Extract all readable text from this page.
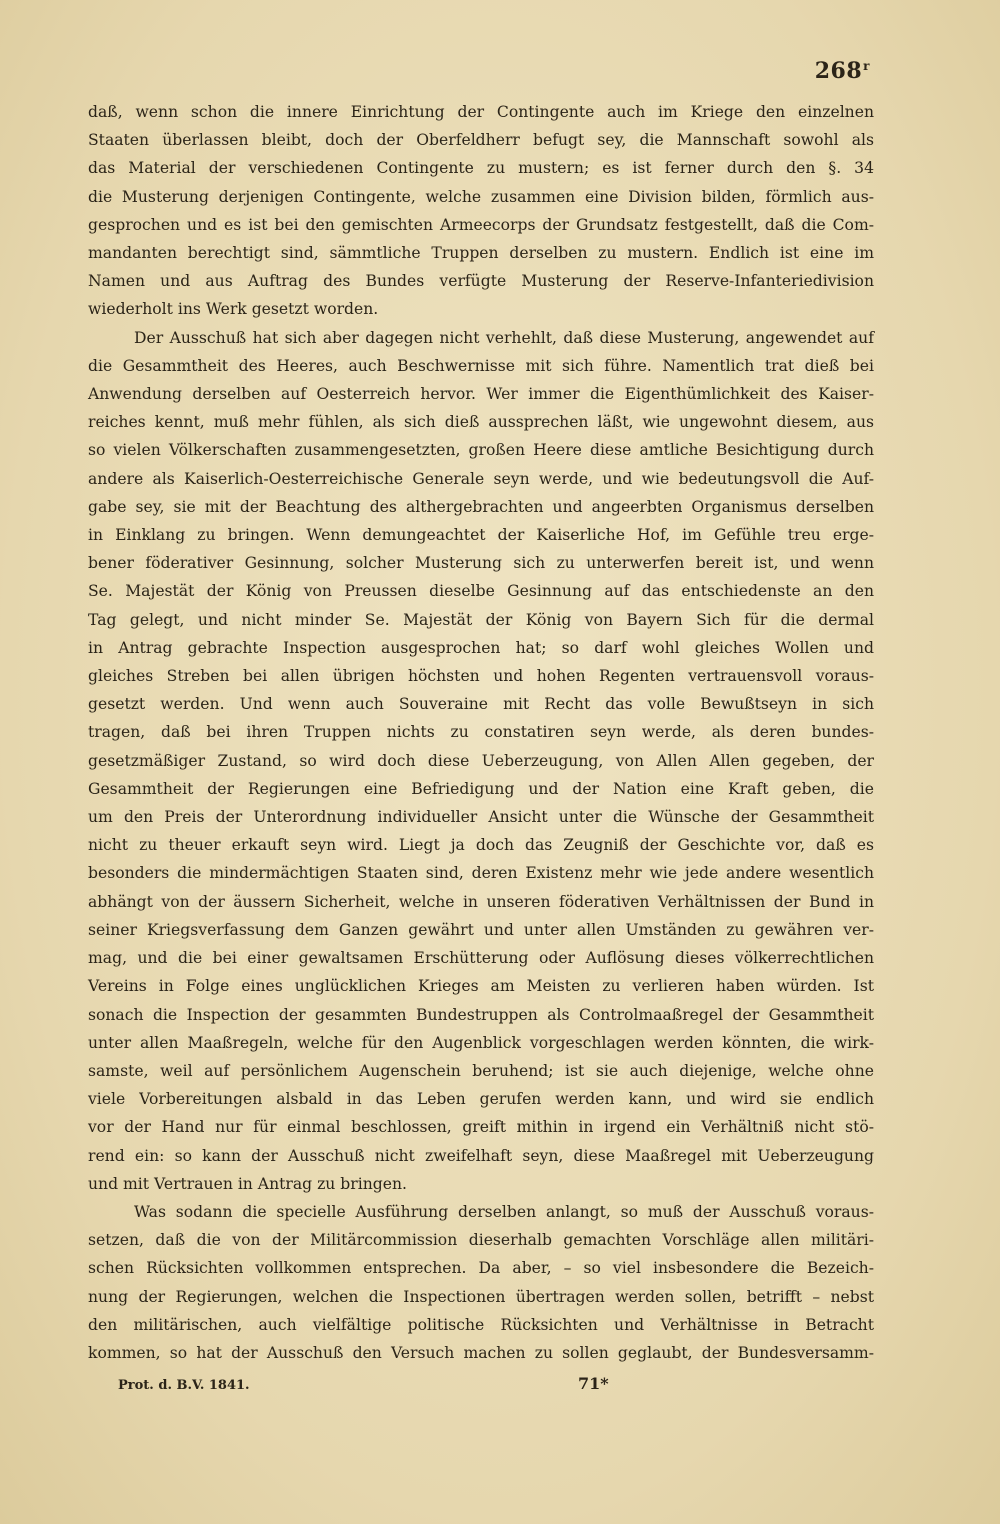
268$^r$

daß, wenn schon die innere Einrichtung der Contingente auch im Kriege den einzelnen

Staaten überlassen bleibt, doch der Oberfeldherr befugt sey, die Mannschaft sowohl als

das Material der verschiedenen Contingente zu mustern; es ist ferner durch den §. 34

die Musterung derjenigen Contingente, welche zusammen eine Division bilden, förmlich aus-

gesprochen und es ist bei den gemischten Armeecorps der Grundsatz festgestellt, daß die Com-

mandanten berechtigt sind, sämmtliche Truppen derselben zu mustern. Endlich ist eine im

Namen und aus Auftrag des Bundes verfügte Musterung der Reserve-Infanteriedivision

wiederholt ins Werk gesetzt worden.

Der Ausschuß hat sich aber dagegen nicht verhehlt, daß diese Musterung, angewendet auf

die Gesammtheit des Heeres, auch Beschwernisse mit sich führe. Namentlich trat dieß bei

Anwendung derselben auf Oesterreich hervor. Wer immer die Eigenthümlichkeit des Kaiser-

reiches kennt, muß mehr fühlen, als sich dieß aussprechen läßt, wie ungewohnt diesem, aus

so vielen Völkerschaften zusammengesetzten, großen Heere diese amtliche Besichtigung durch

andere als Kaiserlich-Oesterreichische Generale seyn werde, und wie bedeutungsvoll die Auf-

gabe sey, sie mit der Beachtung des althergebrachten und angeerbten Organismus derselben

in Einklang zu bringen. Wenn demungeachtet der Kaiserliche Hof, im Gefühle treu erge-

bener föderativer Gesinnung, solcher Musterung sich zu unterwerfen bereit ist, und wenn

Se. Majestät der König von Preussen dieselbe Gesinnung auf das entschiedenste an den

Tag gelegt, und nicht minder Se. Majestät der König von Bayern Sich für die dermal

in Antrag gebrachte Inspection ausgesprochen hat; so darf wohl gleiches Wollen und

gleiches Streben bei allen übrigen höchsten und hohen Regenten vertrauensvoll voraus-

gesetzt werden. Und wenn auch Souveraine mit Recht das volle Bewußtseyn in sich

tragen, daß bei ihren Truppen nichts zu constatiren seyn werde, als deren bundes-

gesetzmäßiger Zustand, so wird doch diese Ueberzeugung, von Allen Allen gegeben, der

Gesammtheit der Regierungen eine Befriedigung und der Nation eine Kraft geben, die

um den Preis der Unterordnung individueller Ansicht unter die Wünsche der Gesammtheit

nicht zu theuer erkauft seyn wird. Liegt ja doch das Zeugniß der Geschichte vor, daß es

besonders die mindermächtigen Staaten sind, deren Existenz mehr wie jede andere wesentlich

abhängt von der äussern Sicherheit, welche in unseren föderativen Verhältnissen der Bund in

seiner Kriegsverfassung dem Ganzen gewährt und unter allen Umständen zu gewähren ver-

mag, und die bei einer gewaltsamen Erschütterung oder Auflösung dieses völkerrechtlichen

Vereins in Folge eines unglücklichen Krieges am Meisten zu verlieren haben würden. Ist

sonach die Inspection der gesammten Bundestruppen als Controlmaaßregel der Gesammtheit

unter allen Maaßregeln, welche für den Augenblick vorgeschlagen werden könnten, die wirk-

samste, weil auf persönlichem Augenschein beruhend; ist sie auch diejenige, welche ohne

viele Vorbereitungen alsbald in das Leben gerufen werden kann, und wird sie endlich

vor der Hand nur für einmal beschlossen, greift mithin in irgend ein Verhältniß nicht stö-

rend ein: so kann der Ausschuß nicht zweifelhaft seyn, diese Maaßregel mit Ueberzeugung

und mit Vertrauen in Antrag zu bringen.

Was sodann die specielle Ausführung derselben anlangt, so muß der Ausschuß voraus-

setzen, daß die von der Militärcommission dieserhalb gemachten Vorschläge allen militäri-

schen Rücksichten vollkommen entsprechen. Da aber, – so viel insbesondere die Bezeich-

nung der Regierungen, welchen die Inspectionen übertragen werden sollen, betrifft – nebst

den militärischen, auch vielfältige politische Rücksichten und Verhältnisse in Betracht

kommen, so hat der Ausschuß den Versuch machen zu sollen geglaubt, der Bundesversamm-

Prot. d. B.V. 1841.	71*
